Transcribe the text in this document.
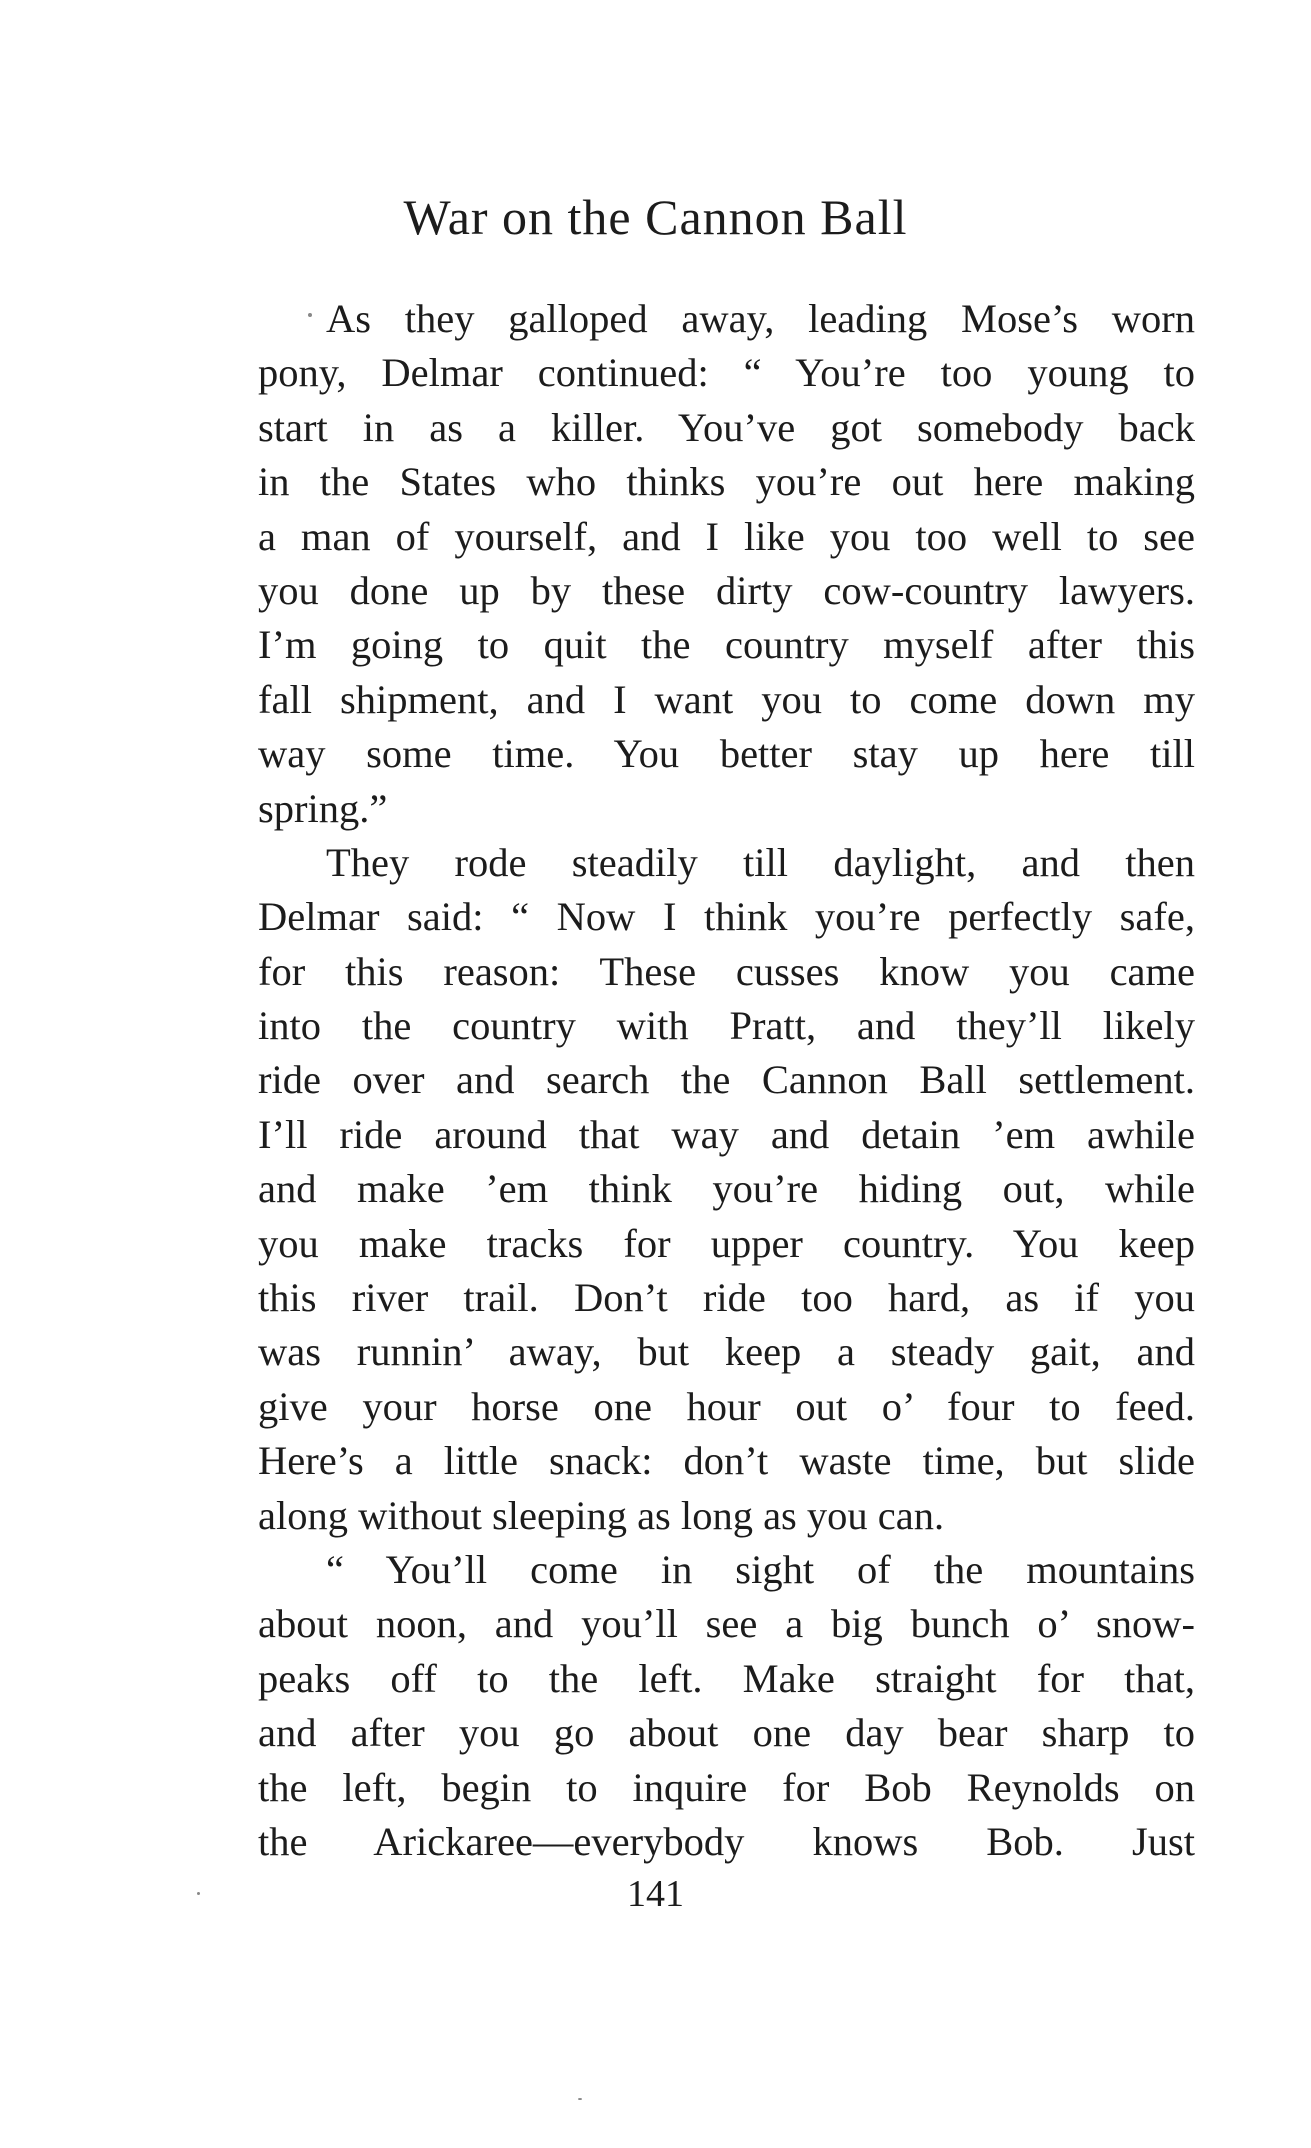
War on the Cannon Ball
As they galloped away, leading Mose’s worn
pony, Delmar continued: “ You’re too young to
start in as a killer. You’ve got somebody back
in the States who thinks you’re out here making
a man of yourself, and I like you too well to see
you done up by these dirty cow-country lawyers.
I’m going to quit the country myself after this
fall shipment, and I want you to come down my
way some time. You better stay up here till
spring.”
They rode steadily till daylight, and then
Delmar said: “ Now I think you’re perfectly safe,
for this reason: These cusses know you came
into the country with Pratt, and they’ll likely
ride over and search the Cannon Ball settlement.
I’ll ride around that way and detain ’em awhile
and make ’em think you’re hiding out, while
you make tracks for upper country. You keep
this river trail. Don’t ride too hard, as if you
was runnin’ away, but keep a steady gait, and
give your horse one hour out o’ four to feed.
Here’s a little snack: don’t waste time, but slide
along without sleeping as long as you can.
“ You’ll come in sight of the mountains
about noon, and you’ll see a big bunch o’ snow-
peaks off to the left. Make straight for that,
and after you go about one day bear sharp to
the left, begin to inquire for Bob Reynolds on
the Arickaree—everybody knows Bob. Just
141
